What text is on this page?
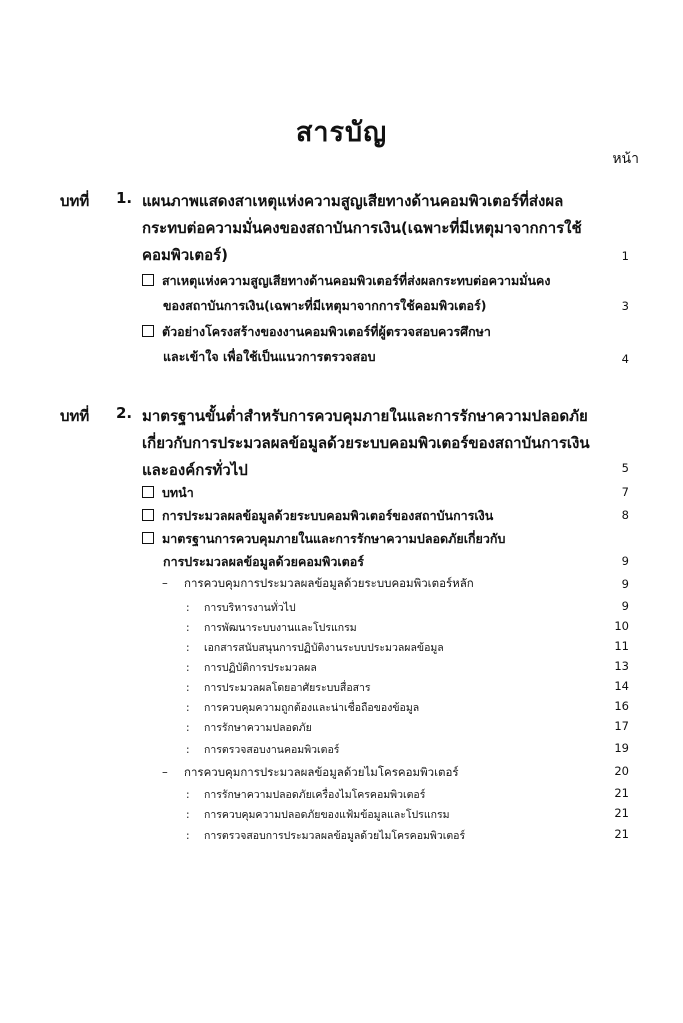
สารบัญ
หน้า
บทที่ 1. แผนภาพแสดงสาเหตุแห่งความสูญเสียทางด้านคอมพิวเตอร์ที่ส่งผล
กระทบต่อความมั่นคงของสถาบันการเงิน(เฉพาะที่มีเหตุมาจากการใช้
คอมพิวเตอร์)	1
สาเหตุแห่งความสูญเสียทางด้านคอมพิวเตอร์ที่ส่งผลกระทบต่อความมั่นคง
ของสถาบันการเงิน(เฉพาะที่มีเหตุมาจากการใช้คอมพิวเตอร์)	3
ตัวอย่างโครงสร้างของงานคอมพิวเตอร์ที่ผู้ตรวจสอบควรศึกษา
และเข้าใจ เพื่อใช้เป็นแนวการตรวจสอบ	4
บทที่ 2. มาตรฐานขั้นต่ำสำหรับการควบคุมภายในและการรักษาความปลอดภัย
เกี่ยวกับการประมวลผลข้อมูลด้วยระบบคอมพิวเตอร์ของสถาบันการเงิน
และองค์กรทั่วไป	5
บทนำ	7
การประมวลผลข้อมูลด้วยระบบคอมพิวเตอร์ของสถาบันการเงิน	8
มาตรฐานการควบคุมภายในและการรักษาความปลอดภัยเกี่ยวกับ
การประมวลผลข้อมูลด้วยคอมพิวเตอร์	9
– การควบคุมการประมวลผลข้อมูลด้วยระบบคอมพิวเตอร์หลัก	9
: การบริหารงานทั่วไป	9
: การพัฒนาระบบงานและโปรแกรม	10
: เอกสารสนับสนุนการปฏิบัติงานระบบประมวลผลข้อมูล	11
: การปฏิบัติการประมวลผล	13
: การประมวลผลโดยอาศัยระบบสื่อสาร	14
: การควบคุมความถูกต้องและน่าเชื่อถือของข้อมูล	16
: การรักษาความปลอดภัย	17
: การตรวจสอบงานคอมพิวเตอร์	19
– การควบคุมการประมวลผลข้อมูลด้วยไมโครคอมพิวเตอร์	20
: การรักษาความปลอดภัยเครื่องไมโครคอมพิวเตอร์	21
: การควบคุมความปลอดภัยของแฟ้มข้อมูลและโปรแกรม	21
: การตรวจสอบการประมวลผลข้อมูลด้วยไมโครคอมพิวเตอร์	21
